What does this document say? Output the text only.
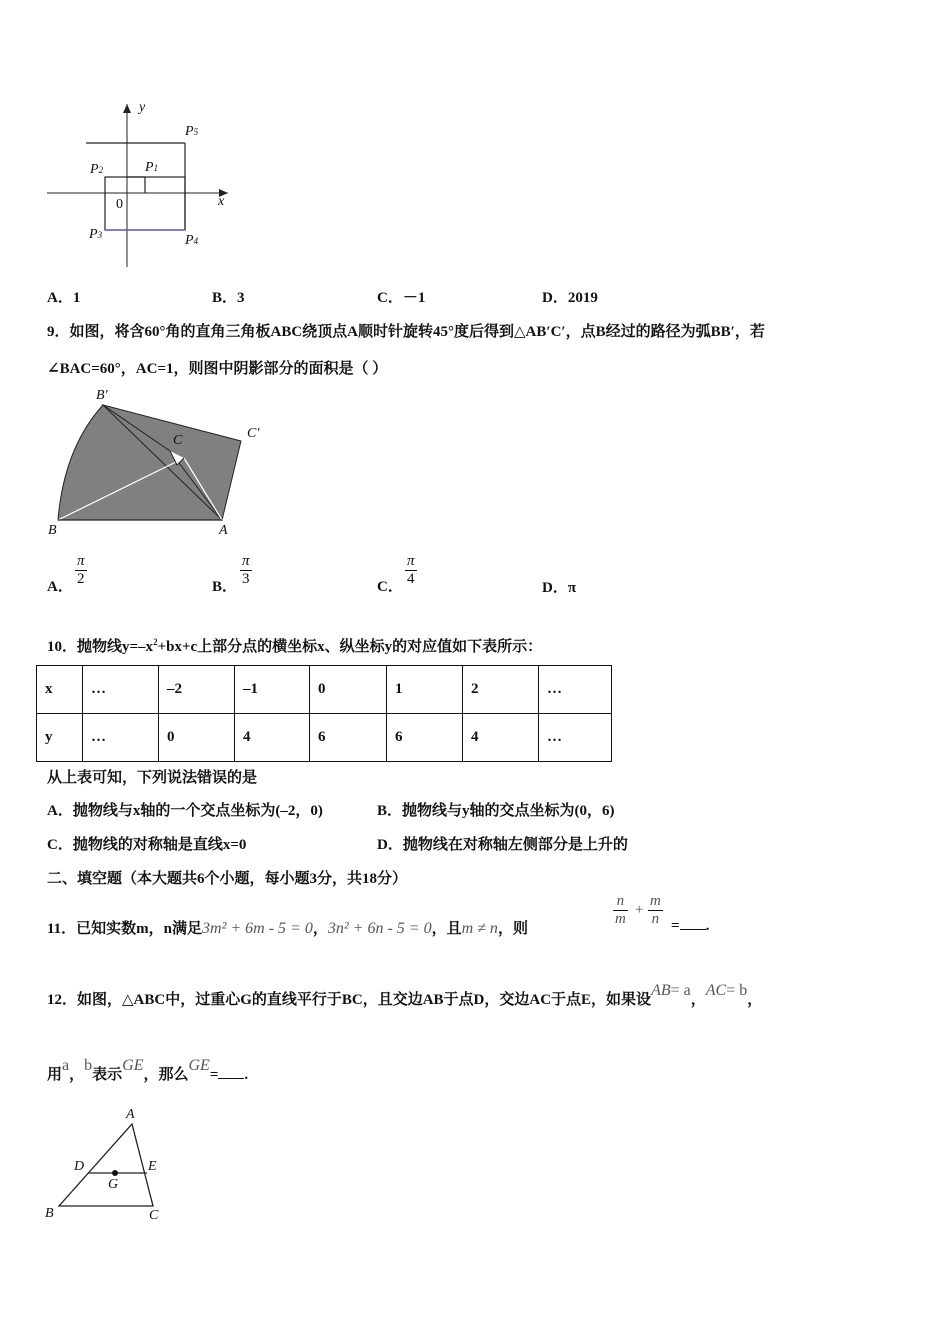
x
y
0
P5
P2	P1
P3	P4
A．1	B．3	C．－1	D．2019
9．如图，将含60°角的直角三角板ABC绕顶点A顺时针旋转45°度后得到△AB′C′，点B经过的路径为弧BB′，若
∠BAC=60°，AC=1，则图中阴影部分的面积是（ ）
B′
C′
C
B	A
A． $\frac{\pi}{2}$	B． $\frac{\pi}{3}$	C． $\frac{\pi}{4}$	D．π
10．抛物线$y=-x^2+bx+c$上部分点的横坐标x、纵坐标y的对应值如下表所示：
x	…	–2	–1	0	1	2	…
y	…	0	4	6	6	4	…
从上表可知，下列说法错误的是
A．抛物线与x轴的一个交点坐标为(–2，0)	B．抛物线与y轴的交点坐标为(0，6)
C．抛物线的对称轴是直线x=0	D．抛物线在对称轴左侧部分是上升的
二、填空题（本大题共6个小题，每小题3分，共18分）
11．已知实数m，n满足3m² + 6m - 5 = 0，3n² + 6n - 5 = 0，且m ≠ n，则
$\frac{n}{m} + \frac{m}{n}$ = .
12．如图，△ABC中，过重心G的直线平行于BC，且交边AB于点D，交边AC于点E，如果设AB= a，AC= b，
用a，b表示GE，那么GE= .
A
D	E
G
B	C
